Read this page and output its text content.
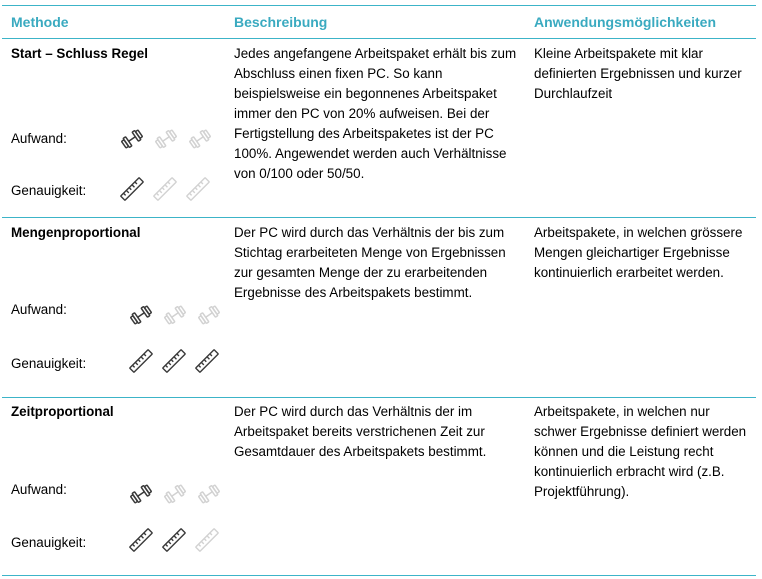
Methode	Beschreibung	Anwendungsmöglichkeiten
Start – Schluss Regel
Aufwand:
Genauigkeit:
Jedes angefangene Arbeitspaket erhält bis zum Abschluss einen fixen PC. So kann beispielsweise ein begonnenes Arbeitspaket immer den PC von 20% aufweisen. Bei der Fertigstellung des Arbeitspaketes ist der PC 100%. Angewendet werden auch Verhältnisse von 0/100 oder 50/50.
Kleine Arbeitspakete mit klar definierten Ergebnissen und kurzer Durchlaufzeit
Mengenproportional
Aufwand:
Genauigkeit:
Der PC wird durch das Verhältnis der bis zum Stichtag erarbeiteten Menge von Ergebnissen zur gesamten Menge der zu erarbeitenden Ergebnisse des Arbeitspakets bestimmt.
Arbeitspakete, in welchen grössere Mengen gleichartiger Ergebnisse kontinuierlich erarbeitet werden.
Zeitproportional
Aufwand:
Genauigkeit:
Der PC wird durch das Verhältnis der im Arbeitspaket bereits verstrichenen Zeit zur Gesamtdauer des Arbeitspakets bestimmt.
Arbeitspakete, in welchen nur schwer Ergebnisse definiert werden können und die Leistung recht kontinuierlich erbracht wird (z.B. Projektführung).
